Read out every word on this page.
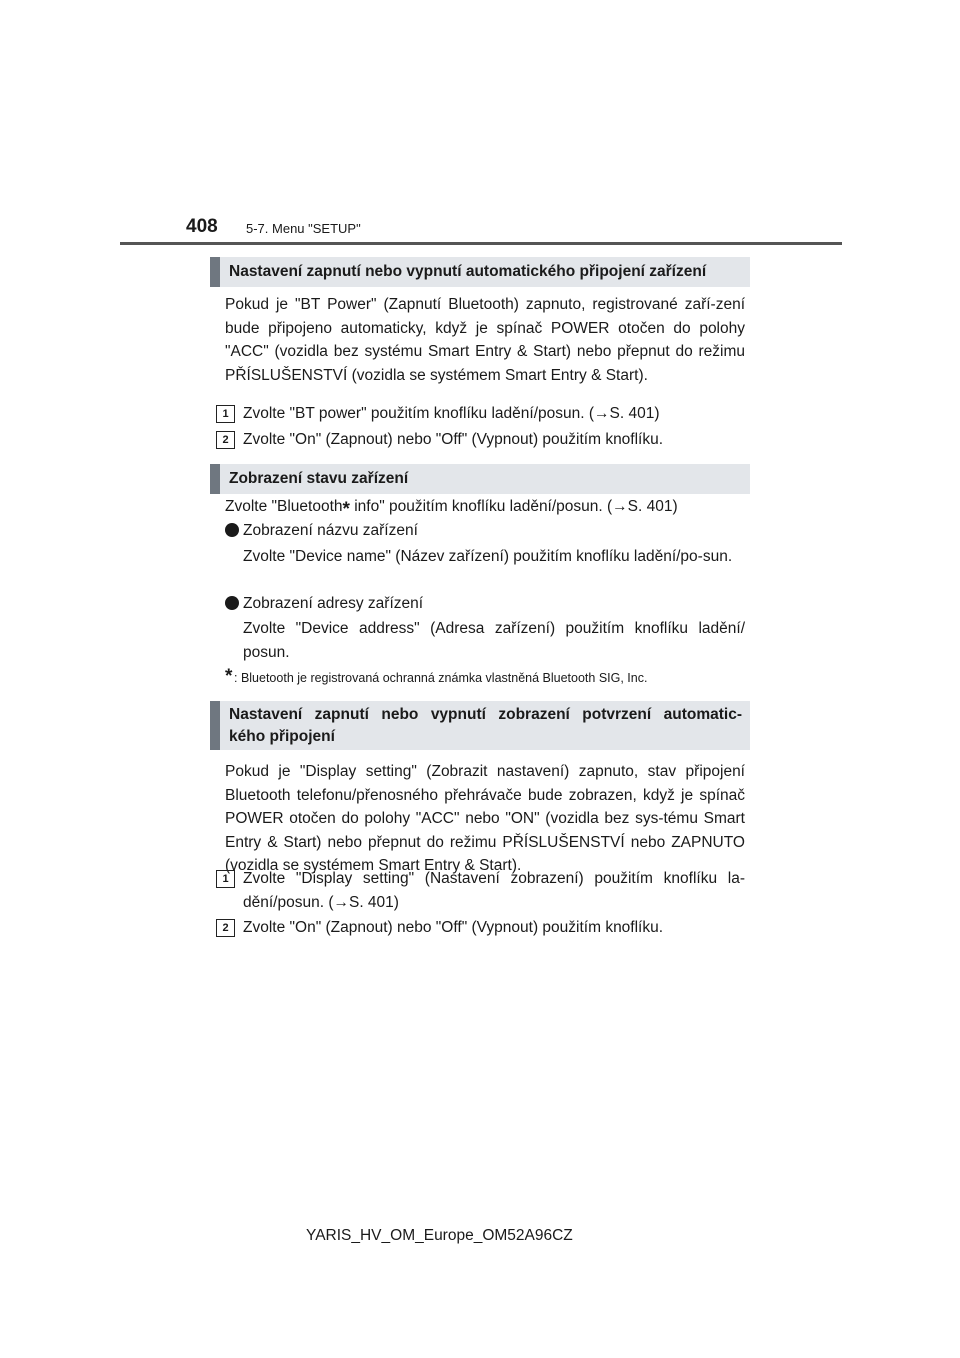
408 5-7. Menu "SETUP"
Nastavení zapnutí nebo vypnutí automatického připojení zařízení
Pokud je "BT Power" (Zapnutí Bluetooth) zapnuto, registrované zaří-zení bude připojeno automaticky, když je spínač POWER otočen do polohy "ACC" (vozidla bez systému Smart Entry & Start) nebo přepnut do režimu PŘÍSLUŠENSTVÍ (vozidla se systémem Smart Entry & Start).
1 Zvolte "BT power" použitím knoflíku ladění/posun. (→S. 401)
2 Zvolte "On" (Zapnout) nebo "Off" (Vypnout) použitím knoflíku.
Zobrazení stavu zařízení
Zvolte "Bluetooth* info" použitím knoflíku ladění/posun. (→S. 401)
Zobrazení názvu zařízení
Zvolte "Device name" (Název zařízení) použitím knoflíku ladění/po-sun.
Zobrazení adresy zařízení
Zvolte "Device address" (Adresa zařízení) použitím knoflíku ladění/ posun.
* : Bluetooth je registrovaná ochranná známka vlastněná Bluetooth SIG, Inc.
Nastavení zapnutí nebo vypnutí zobrazení potvrzení automatic-
kého připojení
Pokud je "Display setting" (Zobrazit nastavení) zapnuto, stav připojení Bluetooth telefonu/přenosného přehrávače bude zobrazen, když je spínač POWER otočen do polohy "ACC" nebo "ON" (vozidla bez sys-tému Smart Entry & Start) nebo přepnut do režimu PŘÍSLUŠENSTVÍ nebo ZAPNUTO (vozidla se systémem Smart Entry & Start).
1 Zvolte "Display setting" (Nastavení zobrazení) použitím knoflíku la-dění/posun. (→S. 401)
2 Zvolte "On" (Zapnout) nebo "Off" (Vypnout) použitím knoflíku.
YARIS_HV_OM_Europe_OM52A96CZ
